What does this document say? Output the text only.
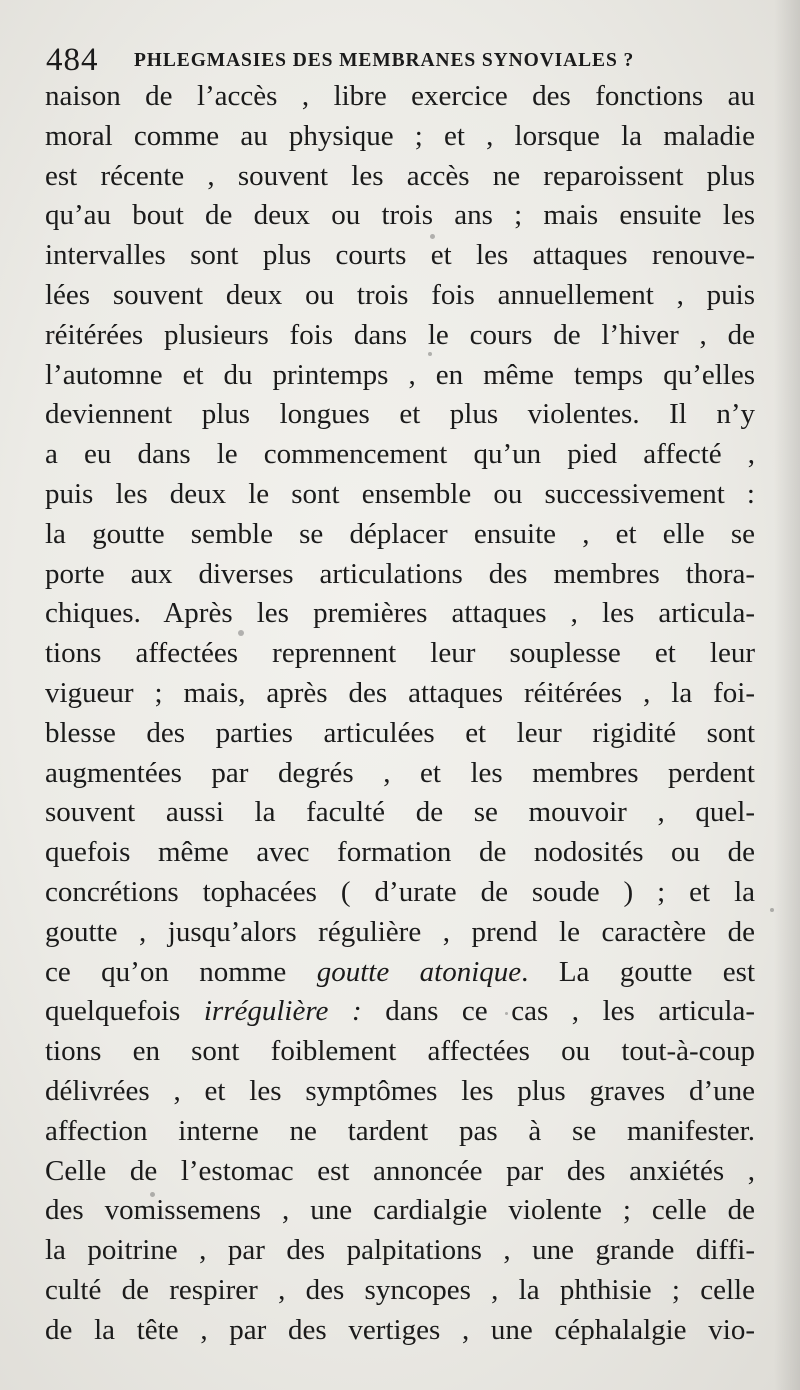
484 PHLEGMASIES DES MEMBRANES SYNOVIALES ?
naison de l’accès , libre exercice des fonctions au
moral comme au physique ; et , lorsque la maladie
est récente , souvent les accès ne reparoissent plus
qu’au bout de deux ou trois ans ; mais ensuite les
intervalles sont plus courts et les attaques renouve-
lées souvent deux ou trois fois annuellement , puis
réitérées plusieurs fois dans le cours de l’hiver , de
l’automne et du printemps , en même temps qu’elles
deviennent plus longues et plus violentes. Il n’y
a eu dans le commencement qu’un pied affecté ,
puis les deux le sont ensemble ou successivement :
la goutte semble se déplacer ensuite , et elle se
porte aux diverses articulations des membres thora-
chiques. Après les premières attaques , les articula-
tions affectées reprennent leur souplesse et leur
vigueur ; mais, après des attaques réitérées , la foi-
blesse des parties articulées et leur rigidité sont
augmentées par degrés , et les membres perdent
souvent aussi la faculté de se mouvoir , quel-
quefois même avec formation de nodosités ou de
concrétions tophacées ( d’urate de soude ) ; et la
goutte , jusqu’alors régulière , prend le caractère de
ce qu’on nomme goutte atonique. La goutte est
quelquefois irrégulière : dans ce cas , les articula-
tions en sont foiblement affectées ou tout-à-coup
délivrées , et les symptômes les plus graves d’une
affection interne ne tardent pas à se manifester.
Celle de l’estomac est annoncée par des anxiétés ,
des vomissemens , une cardialgie violente ; celle de
la poitrine , par des palpitations , une grande diffi-
culté de respirer , des syncopes , la phthisie ; celle
de la tête , par des vertiges , une céphalalgie vio-
